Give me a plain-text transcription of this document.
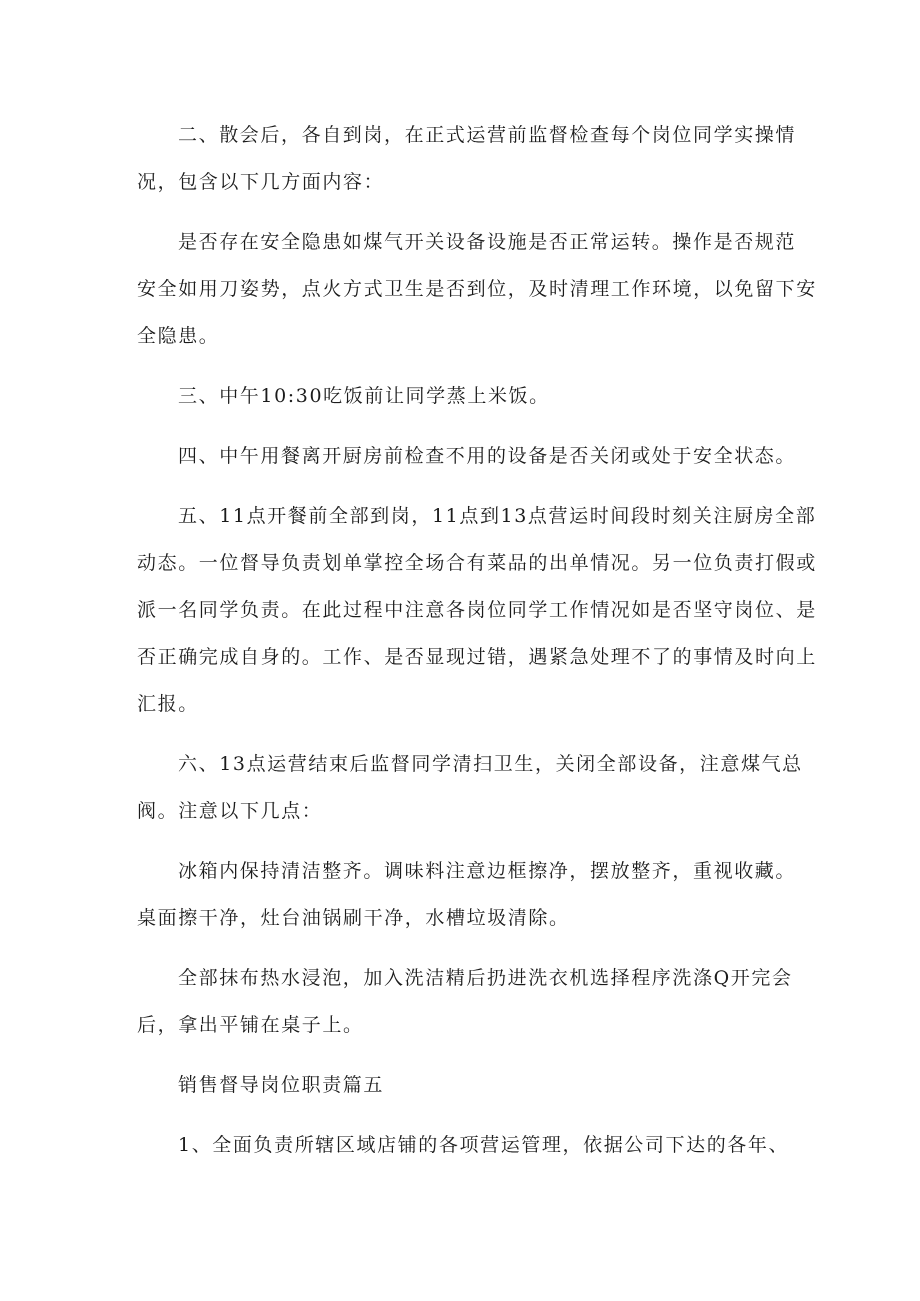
二、散会后，各自到岗，在正式运营前监督检查每个岗位同学实操情
况，包含以下几方面内容：
是否存在安全隐患如煤气开关设备设施是否正常运转。操作是否规范
安全如用刀姿势，点火方式卫生是否到位，及时清理工作环境，以免留下安
全隐患。
三、中午10:30吃饭前让同学蒸上米饭。
四、中午用餐离开厨房前检查不用的设备是否关闭或处于安全状态。
五、11点开餐前全部到岗，11点到13点营运时间段时刻关注厨房全部
动态。一位督导负责划单掌控全场合有菜品的出单情况。另一位负责打假或
派一名同学负责。在此过程中注意各岗位同学工作情况如是否坚守岗位、是
否正确完成自身的。工作、是否显现过错，遇紧急处理不了的事情及时向上
汇报。
六、13点运营结束后监督同学清扫卫生，关闭全部设备，注意煤气总
阀。注意以下几点：
冰箱内保持清洁整齐。调味料注意边框擦净，摆放整齐，重视收藏。
桌面擦干净，灶台油锅刷干净，水槽垃圾清除。
全部抹布热水浸泡，加入洗洁精后扔进洗衣机选择程序洗涤Q开完会
后，拿出平铺在桌子上。
销售督导岗位职责篇五
1、全面负责所辖区域店铺的各项营运管理，依据公司下达的各年、
